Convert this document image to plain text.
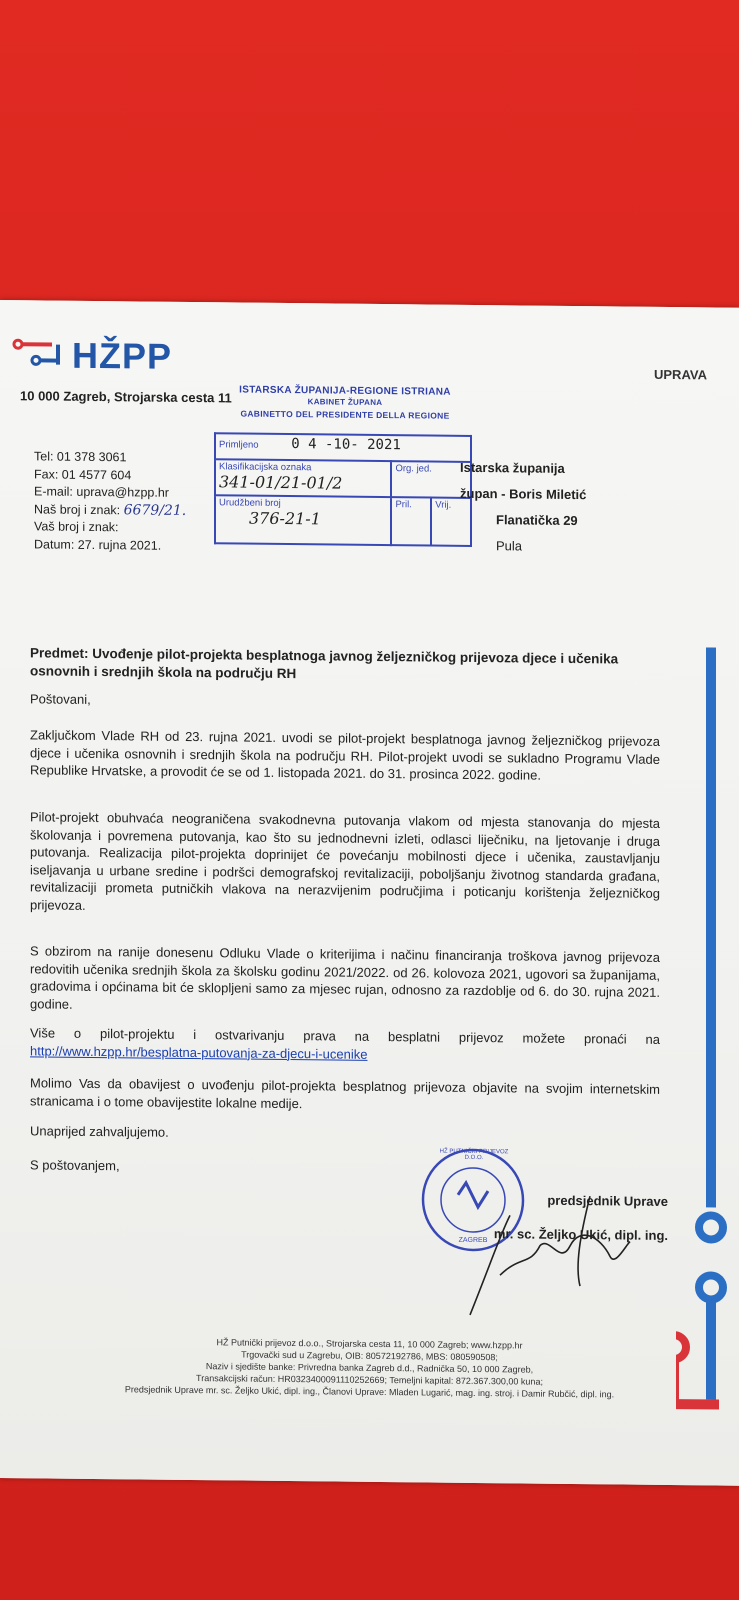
HŽPP	UPRAVA
10 000 Zagreb, Strojarska cesta 11
Tel: 01 378 3061
Fax: 01 4577 604
E-mail: uprava@hzpp.hr
Naš broj i znak: 6679/21.
Vaš broj i znak:
Datum: 27. rujna 2021.
ISTARSKA ŽUPANIJA-REGIONE ISTRIANA
KABINET ŽUPANA
GABINETTO DEL PRESIDENTE DELLA REGIONE
Primljeno 0 4 -10- 2021		

Klasifikacijska oznaka
341-01/21-01/2	Org. jed.	

Urudžbeni broj
376-21-1	Pril.	Vrij.
Istarska županija
župan - Boris Miletić
Flanatička 29
Pula
Predmet: Uvođenje pilot-projekta besplatnoga javnog željezničkog prijevoza djece i učenika osnovnih i srednjih škola na području RH
Poštovani,
Zaključkom Vlade RH od 23. rujna 2021. uvodi se pilot-projekt besplatnoga javnog željezničkog prijevoza djece i učenika osnovnih i srednjih škola na području RH. Pilot-projekt uvodi se sukladno Programu Vlade Republike Hrvatske, a provodit će se od 1. listopada 2021. do 31. prosinca 2022. godine.
Pilot-projekt obuhvaća neograničena svakodnevna putovanja vlakom od mjesta stanovanja do mjesta školovanja i povremena putovanja, kao što su jednodnevni izleti, odlasci liječniku, na ljetovanje i druga putovanja. Realizacija pilot-projekta doprinijet će povećanju mobilnosti djece i učenika, zaustavljanju iseljavanja u urbane sredine i podršci demografskoj revitalizaciji, poboljšanju životnog standarda građana, revitalizaciji prometa putničkih vlakova na nerazvijenim područjima i poticanju korištenja željezničkog prijevoza.
S obzirom na ranije donesenu Odluku Vlade o kriterijima i načinu financiranja troškova javnog prijevoza redovitih učenika srednjih škola za školsku godinu 2021/2022. od 26. kolovoza 2021, ugovori sa županijama, gradovima i općinama bit će sklopljeni samo za mjesec rujan, odnosno za razdoblje od 6. do 30. rujna 2021. godine.
Više o pilot-projektu i ostvarivanju prava na besplatni prijevoz možete pronaći na http://www.hzpp.hr/besplatna-putovanja-za-djecu-i-ucenike
Molimo Vas da obavijest o uvođenju pilot-projekta besplatnog prijevoza objavite na svojim internetskim stranicama i o tome obavijestite lokalne medije.
Unaprijed zahvaljujemo.
S poštovanjem,
HŽ PUTNIČKI PRIJEVOZ D.O.O.
ZAGREB
predsjednik Uprave
mr. sc. Željko Ukić, dipl. ing.
HŽ Putnički prijevoz d.o.o., Strojarska cesta 11, 10 000 Zagreb; www.hzpp.hr
Trgovački sud u Zagrebu, OIB: 80572192786, MBS: 080590508;
Naziv i sjedište banke: Privredna banka Zagreb d.d., Radnička 50, 10 000 Zagreb,
Transakcijski račun: HR0323400091110252669; Temeljni kapital: 872.367.300,00 kuna;
Predsjednik Uprave mr. sc. Željko Ukić, dipl. ing., Članovi Uprave: Mladen Lugarić, mag. ing. stroj. i Damir Rubčić, dipl. ing.
